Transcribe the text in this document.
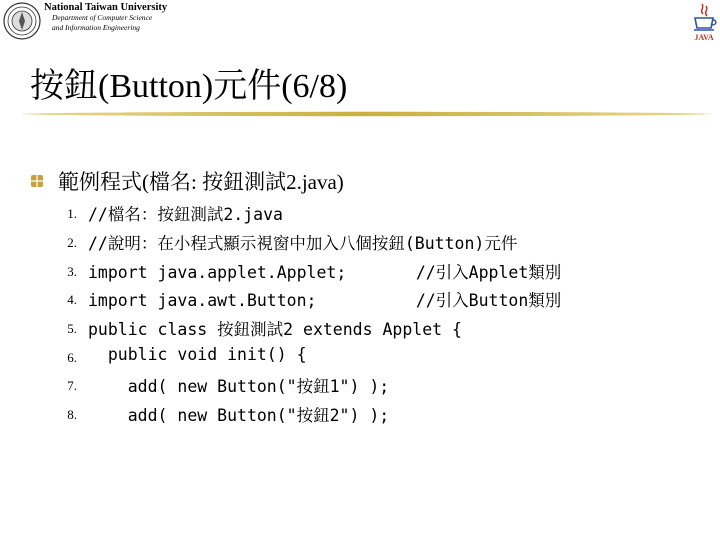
National Taiwan University
Department of Computer Science
and Information Engineering
JAVA
按鈕(Button)元件(6/8)
範例程式(檔名: 按鈕測試2.java)
1. //檔名：按鈕測試2.java
2. //說明：在小程式顯示視窗中加入八個按鈕(Button)元件
3. import java.applet.Applet;       //引入Applet類別
4. import java.awt.Button;          //引入Button類別
5. public class 按鈕測試2 extends Applet {
6. public void init() {
7. add( new Button("按鈕1") );
8. add( new Button("按鈕2") );
